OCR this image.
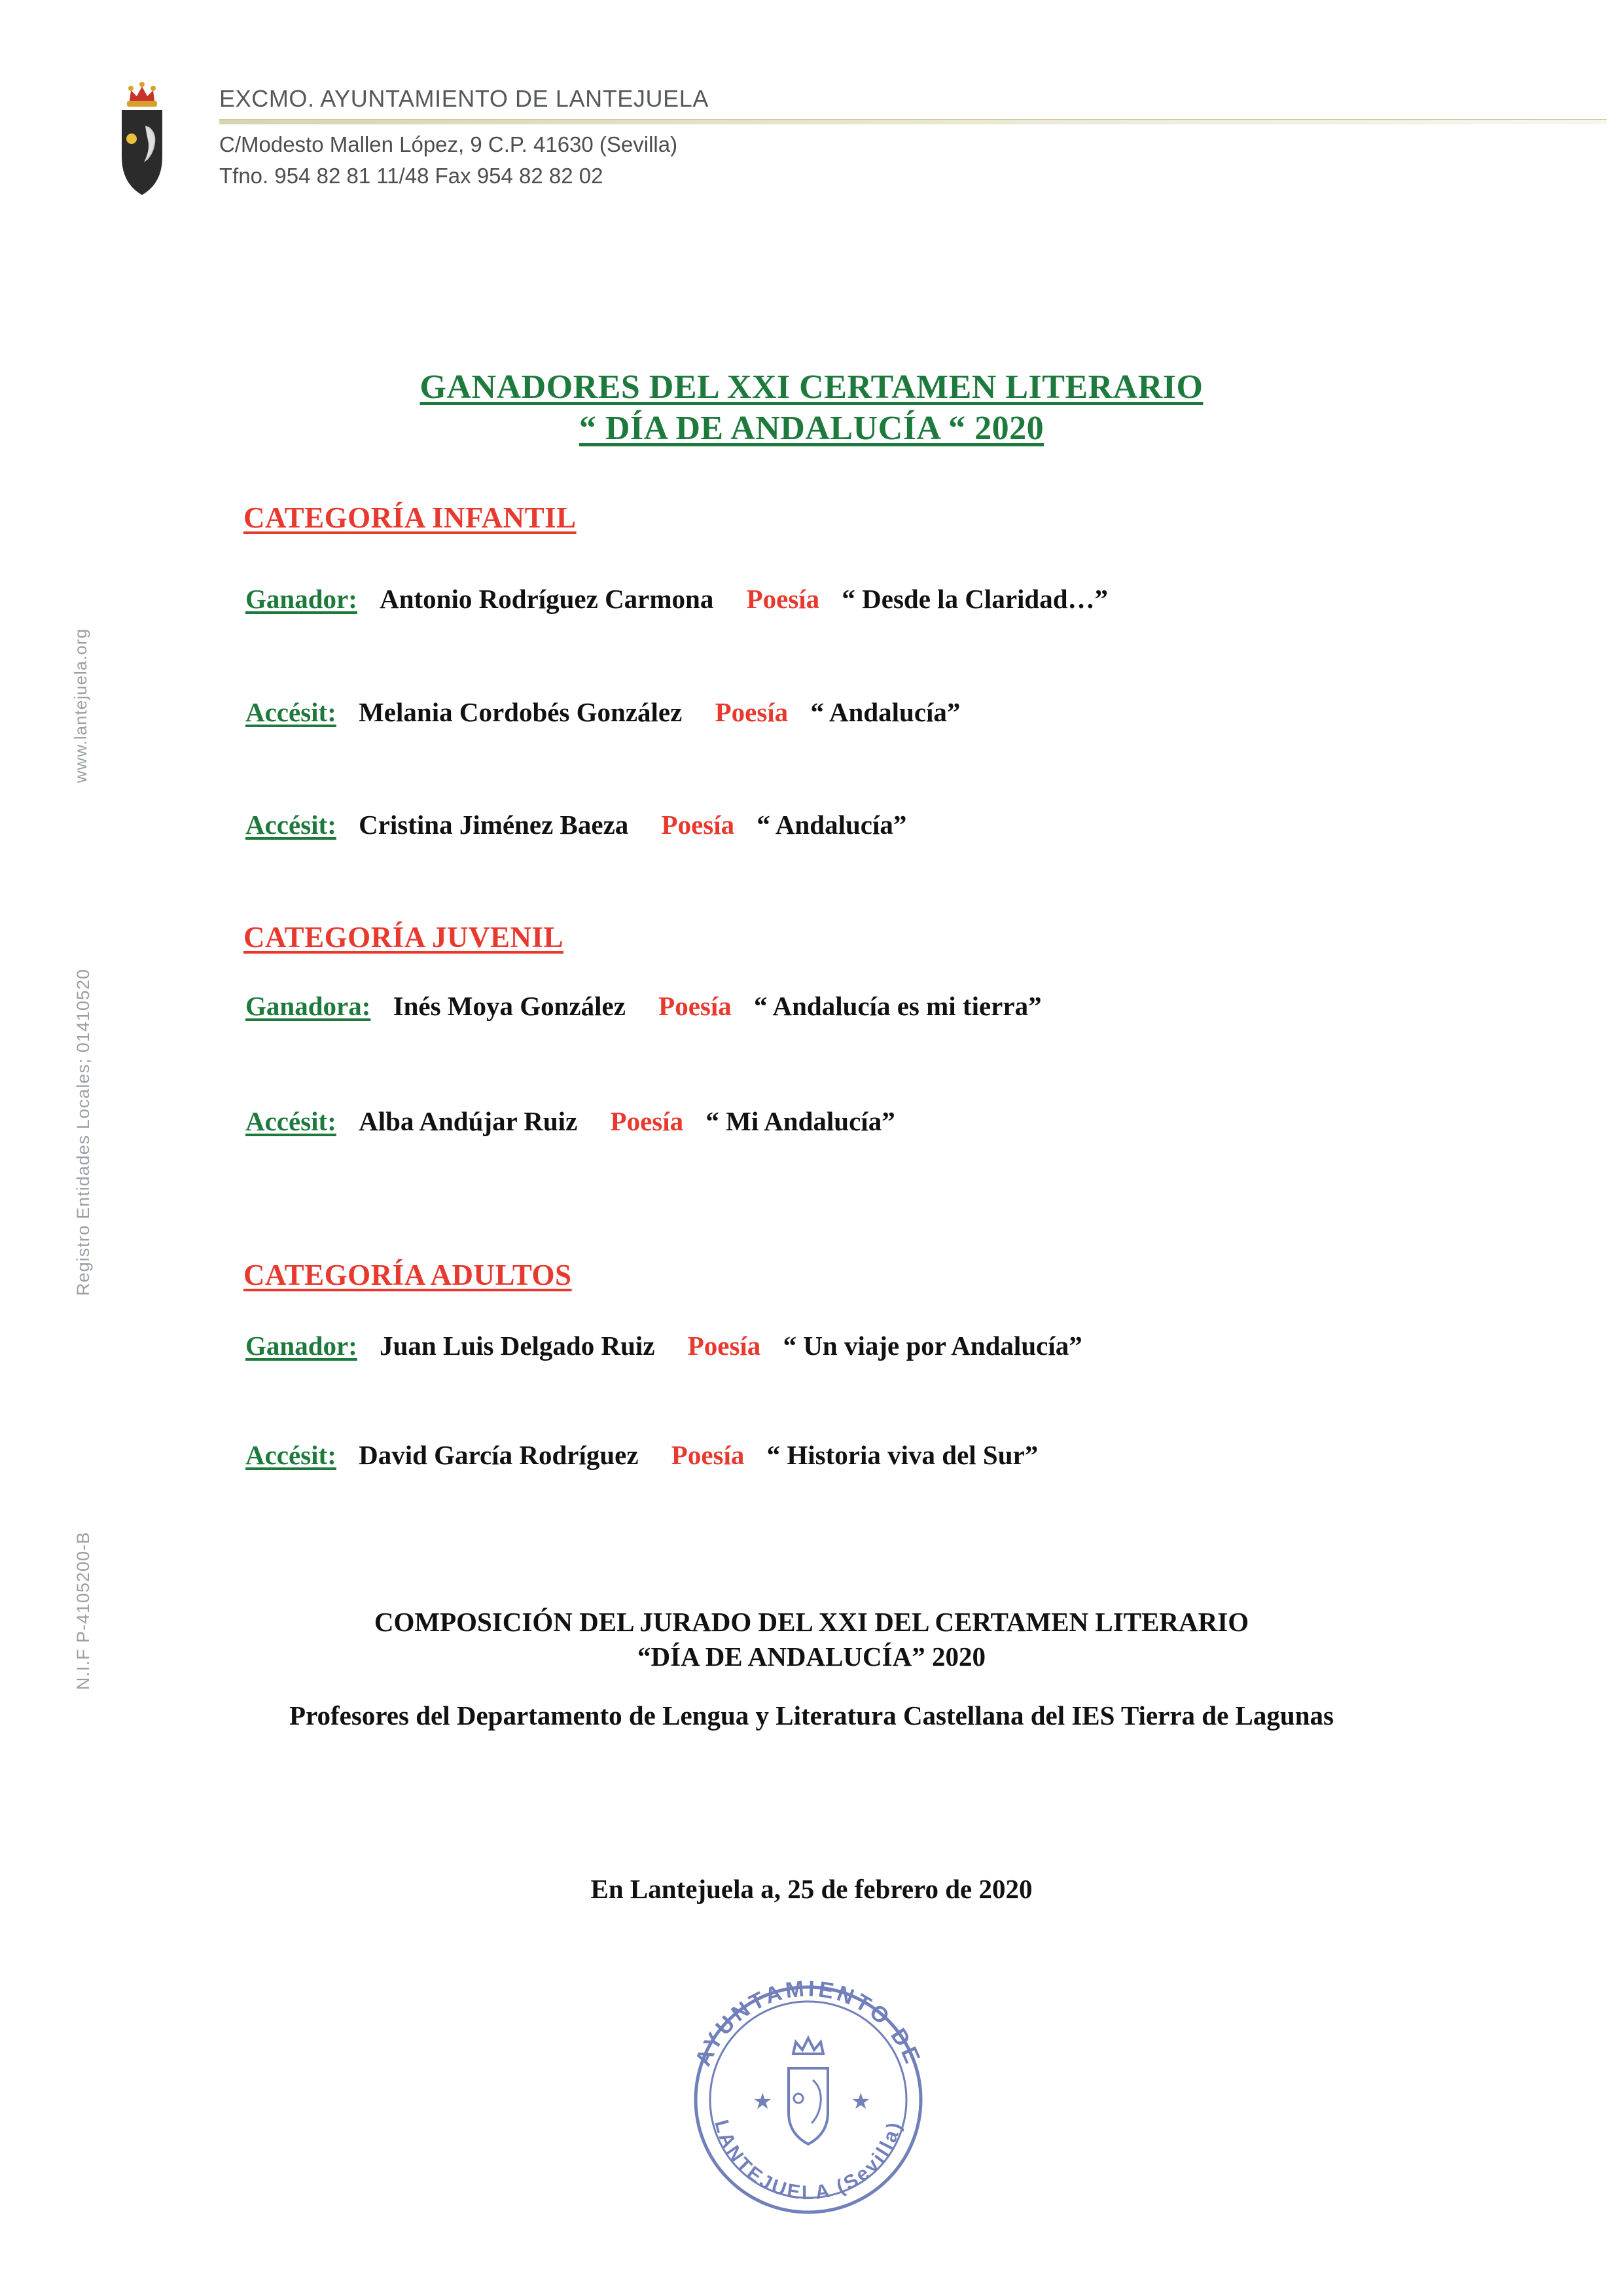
www.lantejuela.org
Registro Entidades Locales; 01410520
N.I.F P-4105200-B
EXCMO. AYUNTAMIENTO DE LANTEJUELA
C/Modesto Mallen López, 9 C.P. 41630 (Sevilla)
Tfno. 954 82 81 11/48 Fax 954 82 82 02
GANADORES DEL XXI CERTAMEN LITERARIO
“ DÍA DE ANDALUCÍA “ 2020
CATEGORÍA INFANTIL
CATEGORÍA JUVENIL
CATEGORÍA ADULTOS
Ganador: Antonio Rodríguez Carmona Poesía “ Desde la Claridad…”
Accésit: Melania Cordobés González Poesía “ Andalucía”
Accésit: Cristina Jiménez Baeza Poesía “ Andalucía”
Ganadora: Inés Moya González Poesía “ Andalucía es mi tierra”
Accésit: Alba Andújar Ruiz Poesía “ Mi Andalucía”
Ganador: Juan Luis Delgado Ruiz Poesía “ Un viaje por Andalucía”
Accésit: David García Rodríguez Poesía “ Historia viva del Sur”
COMPOSICIÓN DEL JURADO DEL XXI DEL CERTAMEN LITERARIO
“DÍA DE ANDALUCÍA” 2020
Profesores del Departamento de Lengua y Literatura Castellana del IES Tierra de Lagunas
En Lantejuela a, 25 de febrero de 2020
AYUNTAMIENTO DE
LANTEJUELA (Sevilla)
★	★
